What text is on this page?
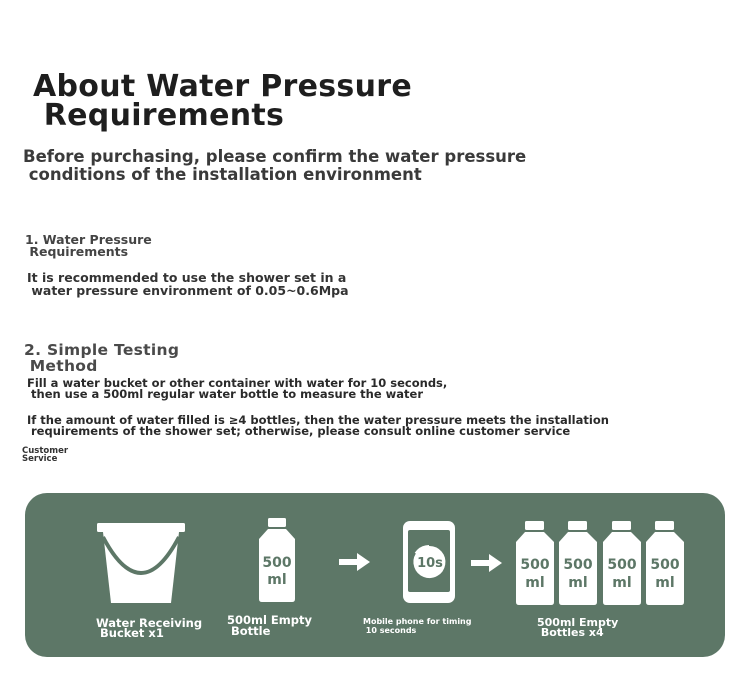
About Water Pressure
Requirements
Before purchasing, please confirm the water pressure
conditions of the installation environment
1. Water Pressure
Requirements
It is recommended to use the shower set in a
water pressure environment of 0.05~0.6Mpa
2. Simple Testing
Method
Fill a water bucket or other container with water for 10 seconds,
then use a 500ml regular water bottle to measure the water
If the amount of water filled is ≥4 bottles, then the water pressure meets the installation
requirements of the shower set; otherwise, please consult online customer service
Customer
Service
Water Receiving
Bucket x1
500
ml
500ml Empty
Bottle
10s
Mobile phone for timing
10 seconds
500
ml
500
ml
500
ml
500
ml
500ml Empty
Bottles x4
